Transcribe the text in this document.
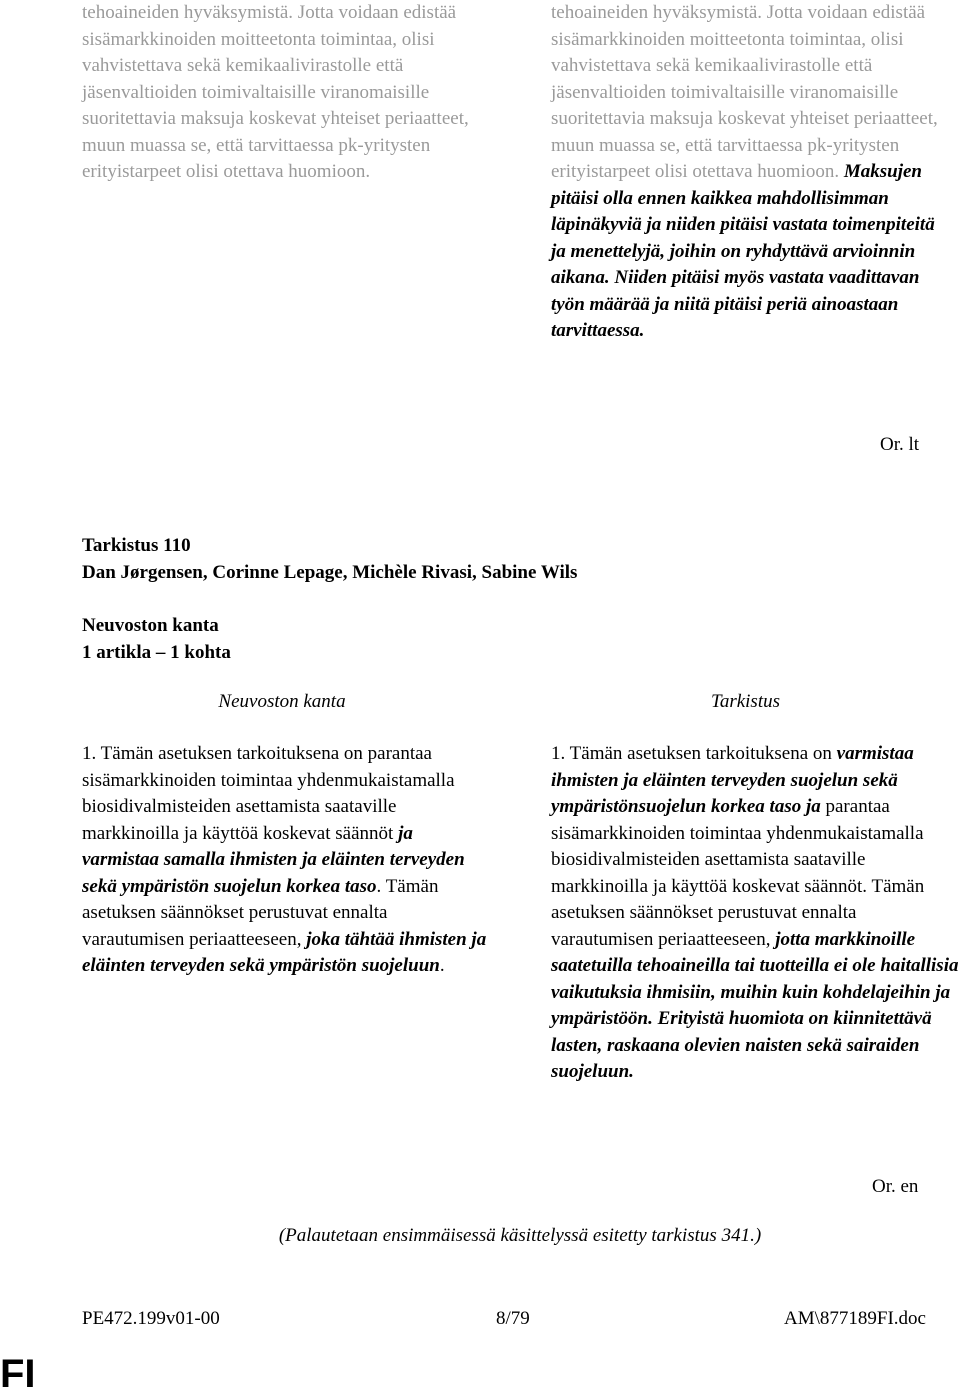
tehoaineiden hyväksymistä. Jotta voidaan edistää sisämarkkinoiden moitteetonta toimintaa, olisi vahvistettava sekä kemikaalivirastolle että jäsenvaltioiden toimivaltaisille viranomaisille suoritettavia maksuja koskevat yhteiset periaatteet, muun muassa se, että tarvittaessa pk-yritysten erityistarpeet olisi otettava huomioon.

tehoaineiden hyväksymistä. Jotta voidaan edistää sisämarkkinoiden moitteetonta toimintaa, olisi vahvistettava sekä kemikaalivirastolle että jäsenvaltioiden toimivaltaisille viranomaisille suoritettavia maksuja koskevat yhteiset periaatteet, muun muassa se, että tarvittaessa pk-yritysten erityistarpeet olisi otettava huomioon. Maksujen pitäisi olla ennen kaikkea mahdollisimman läpinäkyviä ja niiden pitäisi vastata toimenpiteitä ja menettelyjä, joihin on ryhdyttävä arvioinnin aikana. Niiden pitäisi myös vastata vaadittavan työn määrää ja niitä pitäisi periä ainoastaan tarvittaessa.

Or. lt
Tarkistus 110
Dan Jørgensen, Corinne Lepage, Michèle Rivasi, Sabine Wils
Neuvoston kanta
1 artikla – 1 kohta
Neuvoston kanta	Tarkistus

1. Tämän asetuksen tarkoituksena on parantaa sisämarkkinoiden toimintaa yhdenmukaistamalla biosidivalmisteiden asettamista saataville markkinoilla ja käyttöä koskevat säännöt ja varmistaa samalla ihmisten ja eläinten terveyden sekä ympäristön suojelun korkea taso. Tämän asetuksen säännökset perustuvat ennalta varautumisen periaatteeseen, joka tähtää ihmisten ja eläinten terveyden sekä ympäristön suojeluun.

1. Tämän asetuksen tarkoituksena on varmistaa ihmisten ja eläinten terveyden suojelun sekä ympäristönsuojelun korkea taso ja parantaa sisämarkkinoiden toimintaa yhdenmukaistamalla biosidivalmisteiden asettamista saataville markkinoilla ja käyttöä koskevat säännöt. Tämän asetuksen säännökset perustuvat ennalta varautumisen periaatteeseen, jotta markkinoille saatetuilla tehoaineilla tai tuotteilla ei ole haitallisia vaikutuksia ihmisiin, muihin kuin kohdelajeihin ja ympäristöön. Erityistä huomiota on kiinnitettävä lasten, raskaana olevien naisten sekä sairaiden suojeluun.

Or. en
(Palautetaan ensimmäisessä käsittelyssä esitetty tarkistus 341.)
PE472.199v01-00	8/79	AM\877189FI.doc
FI
